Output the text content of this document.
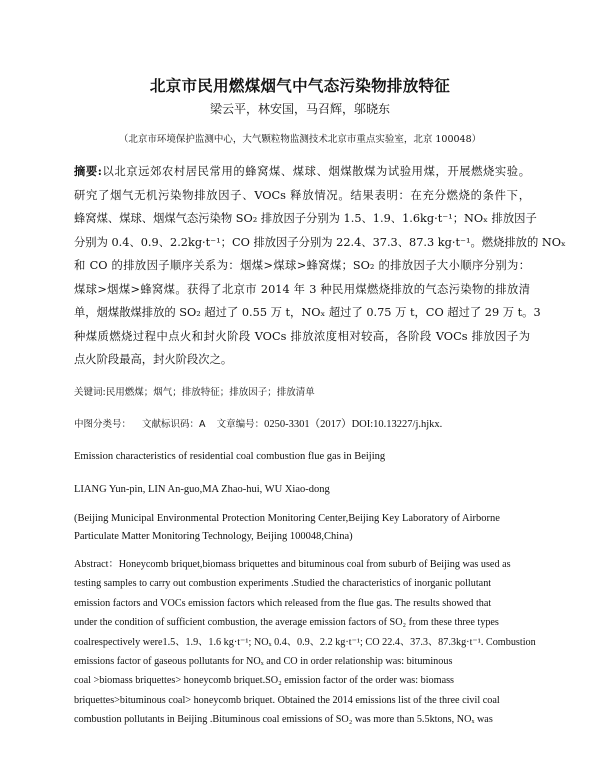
北京市民用燃煤烟气中气态污染物排放特征
梁云平，林安国，马召辉，邬晓东
（北京市环境保护监测中心，大气颗粒物监测技术北京市重点实验室，北京 100048）
摘要:以北京远郊农村居民常用的蜂窝煤、煤球、烟煤散煤为试验用煤，开展燃烧实验。
研究了烟气无机污染物排放因子、VOCs 释放情况。结果表明：在充分燃烧的条件下，
蜂窝煤、煤球、烟煤气态污染物 SO₂ 排放因子分别为 1.5、1.9、1.6kg·t⁻¹；NOₓ 排放因子
分别为 0.4、0.9、2.2kg·t⁻¹；CO 排放因子分别为 22.4、37.3、87.3 kg·t⁻¹。燃烧排放的 NOₓ
和 CO 的排放因子顺序关系为：烟煤>煤球>蜂窝煤；SO₂ 的排放因子大小顺序分别为：
煤球>烟煤>蜂窝煤。获得了北京市 2014 年 3 种民用煤燃烧排放的气态污染物的排放清
单，烟煤散煤排放的 SO₂ 超过了 0.55 万 t，NOₓ 超过了 0.75 万 t，CO 超过了 29 万 t。3
种煤质燃烧过程中点火和封火阶段 VOCs 排放浓度相对较高，各阶段 VOCs 排放因子为
点火阶段最高，封火阶段次之。
关键词:民用燃煤；烟气；排放特征；排放因子；排放清单
中图分类号： 文献标识码：A 文章编号：0250-3301（2017）DOI:10.13227/j.hjkx.
Emission characteristics of residential coal combustion flue gas in Beijing
LIANG Yun-pin, LIN An-guo,MA Zhao-hui, WU Xiao-dong
(Beijing Municipal Environmental Protection Monitoring Center,Beijing Key Laboratory of Airborne
Particulate Matter Monitoring Technology, Beijing 100048,China)
Abstract：Honeycomb briquet,biomass briquettes and bituminous coal from suburb of Beijing was used as
testing samples to carry out combustion experiments .Studied the characteristics of inorganic pollutant
emission factors and VOCs emission factors which released from the flue gas. The results showed that
under the condition of sufficient combustion, the average emission factors of SO₂ from these three types
coalrespectively were1.5、1.9、1.6 kg·t⁻¹; NOₓ 0.4、0.9、2.2 kg·t⁻¹; CO 22.4、37.3、87.3kg·t⁻¹. Combustion
emissions factor of gaseous pollutants for NOₓ and CO in order relationship was: bituminous
coal >biomass briquettes> honeycomb briquet.SO₂ emission factor of the order was: biomass
briquettes>bituminous coal> honeycomb briquet. Obtained the 2014 emissions list of the three civil coal
combustion pollutants in Beijing .Bituminous coal emissions of SO₂ was more than 5.5ktons, NOₓ was
